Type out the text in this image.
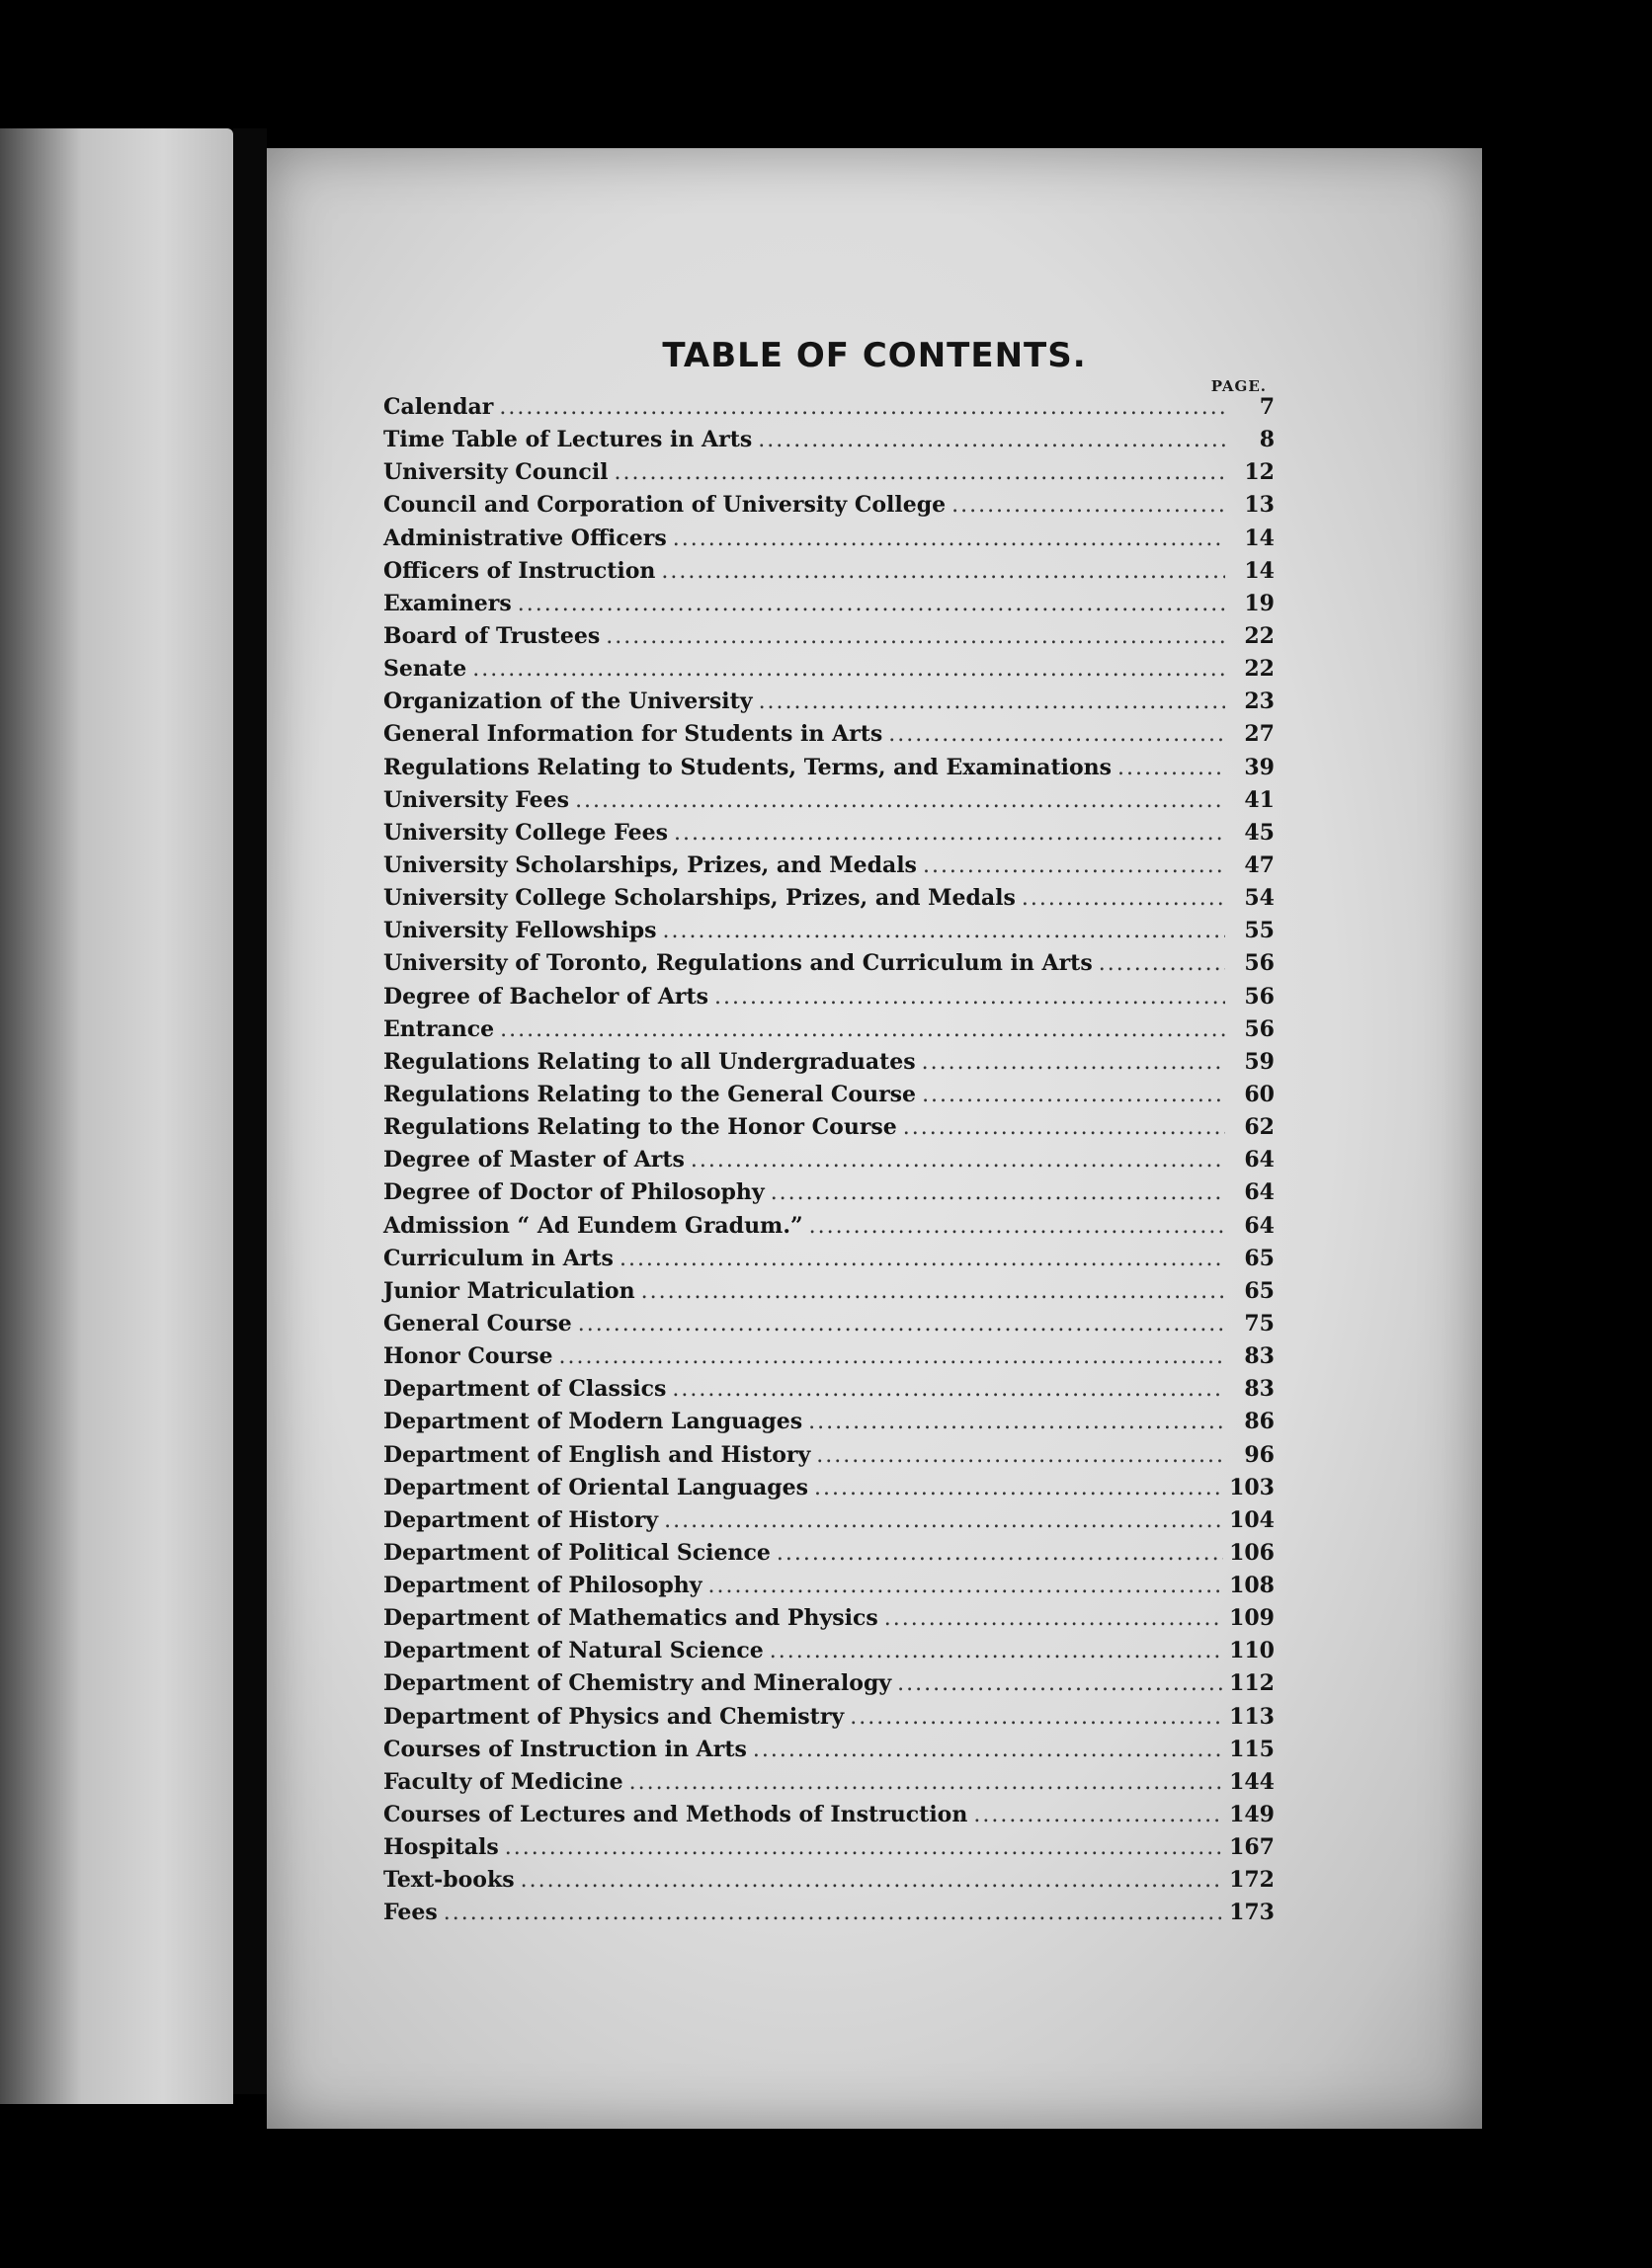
TABLE OF CONTENTS.
PAGE.
Calendar .....	7
Time Table of Lectures in Arts .....	8
University Council .....	12
Council and Corporation of University College .....	13
Administrative Officers .....	14
Officers of Instruction .....	14
Examiners .....	19
Board of Trustees .....	22
Senate .....	22
Organization of the University .....	23
General Information for Students in Arts .....	27
Regulations Relating to Students, Terms, and Examinations .....	39
University Fees .....	41
University College Fees .....	45
University Scholarships, Prizes, and Medals .....	47
University College Scholarships, Prizes, and Medals .....	54
University Fellowships .....	55
University of Toronto, Regulations and Curriculum in Arts .....	56
Degree of Bachelor of Arts .....	56
Entrance .....	56
Regulations Relating to all Undergraduates .....	59
Regulations Relating to the General Course .....	60
Regulations Relating to the Honor Course .....	62
Degree of Master of Arts .....	64
Degree of Doctor of Philosophy .....	64
Admission “ Ad Eundem Gradum.” .....	64
Curriculum in Arts .....	65
Junior Matriculation .....	65
General Course .....	75
Honor Course .....	83
Department of Classics .....	83
Department of Modern Languages .....	86
Department of English and History .....	96
Department of Oriental Languages .....	103
Department of History .....	104
Department of Political Science .....	106
Department of Philosophy .....	108
Department of Mathematics and Physics .....	109
Department of Natural Science .....	110
Department of Chemistry and Mineralogy .....	112
Department of Physics and Chemistry .....	113
Courses of Instruction in Arts .....	115
Faculty of Medicine .....	144
Courses of Lectures and Methods of Instruction .....	149
Hospitals .....	167
Text-books .....	172
Fees .....	173
